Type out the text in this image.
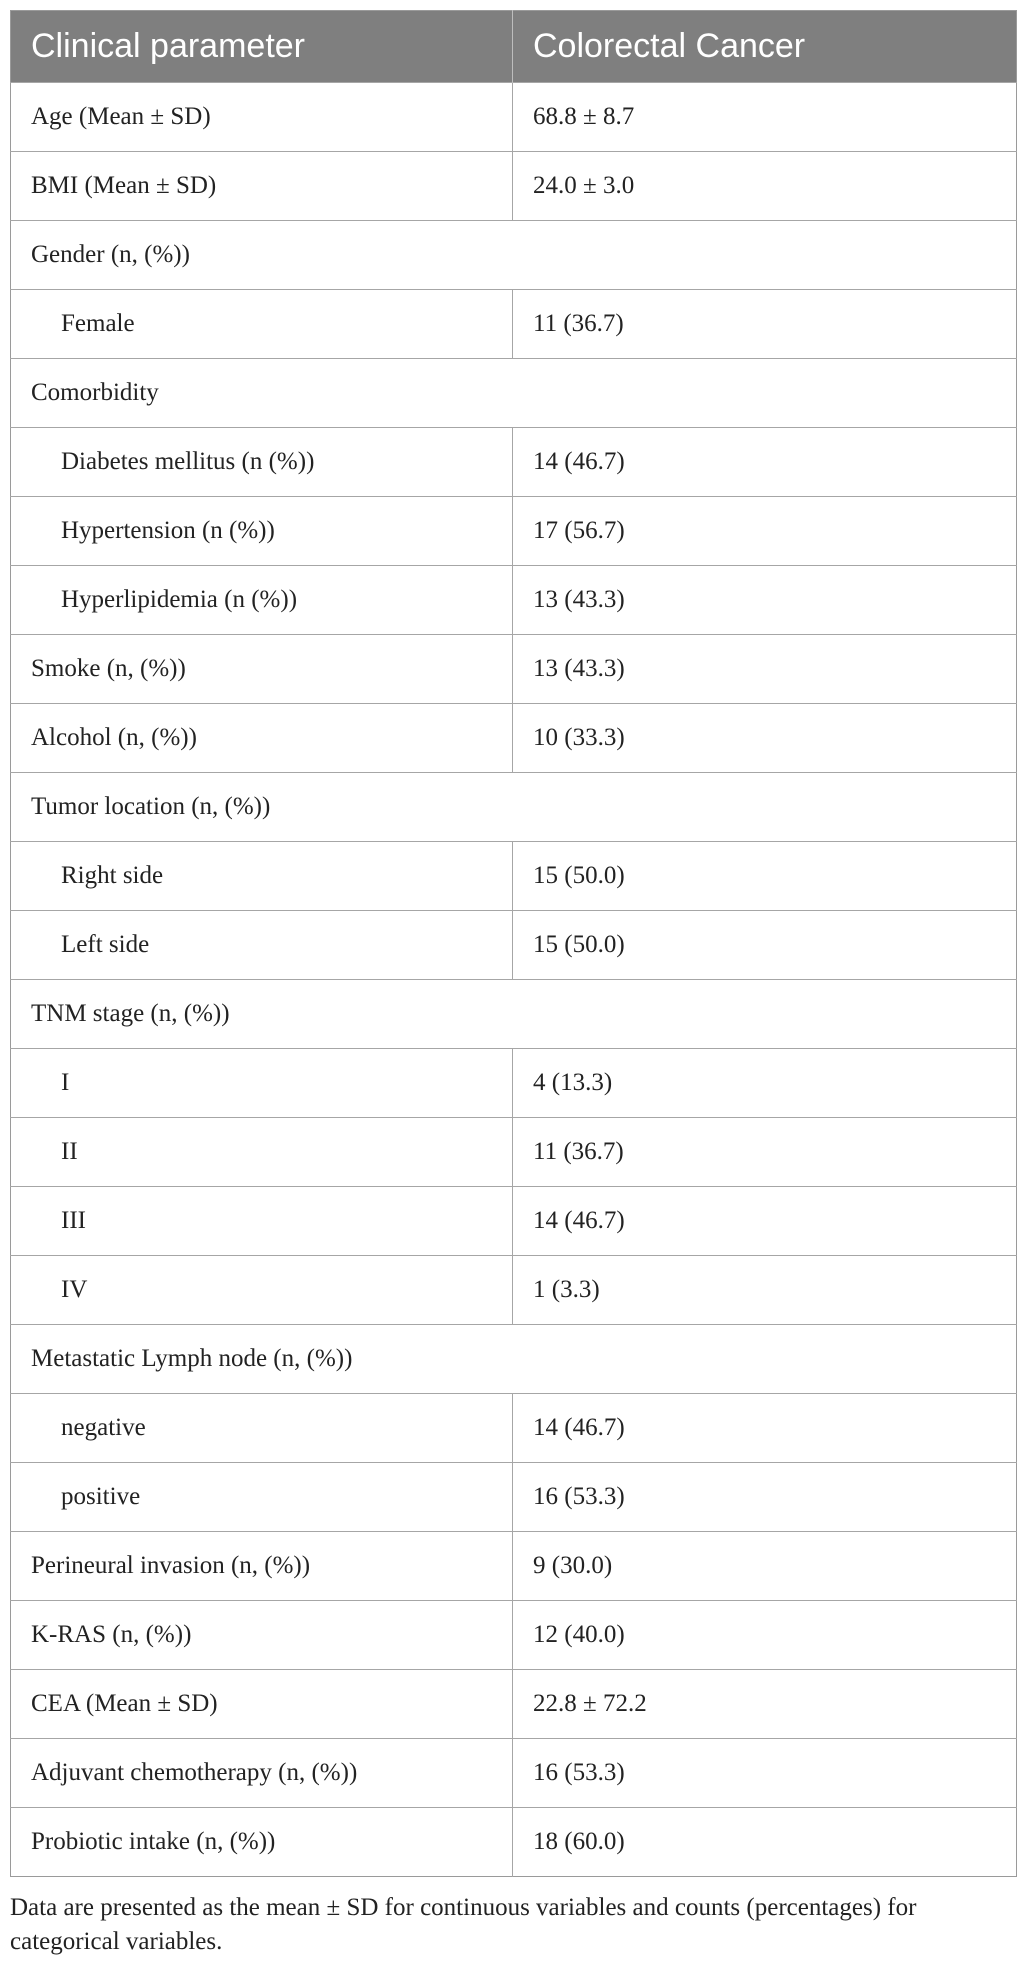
Clinical parameter	Colorectal Cancer
Age (Mean ± SD)	68.8 ± 8.7
BMI (Mean ± SD)	24.0 ± 3.0
Gender (n, (%))	
Female	11 (36.7)
Comorbidity	
Diabetes mellitus (n (%))	14 (46.7)
Hypertension (n (%))	17 (56.7)
Hyperlipidemia (n (%))	13 (43.3)
Smoke (n, (%))	13 (43.3)
Alcohol (n, (%))	10 (33.3)
Tumor location (n, (%))	
Right side	15 (50.0)
Left side	15 (50.0)
TNM stage (n, (%))	
I	4 (13.3)
II	11 (36.7)
III	14 (46.7)
IV	1 (3.3)
Metastatic Lymph node (n, (%))	
negative	14 (46.7)
positive	16 (53.3)
Perineural invasion (n, (%))	9 (30.0)
K-RAS (n, (%))	12 (40.0)
CEA (Mean ± SD)	22.8 ± 72.2
Adjuvant chemotherapy (n, (%))	16 (53.3)
Probiotic intake (n, (%))	18 (60.0)

Data are presented as the mean ± SD for continuous variables and counts (percentages) for categorical variables.
